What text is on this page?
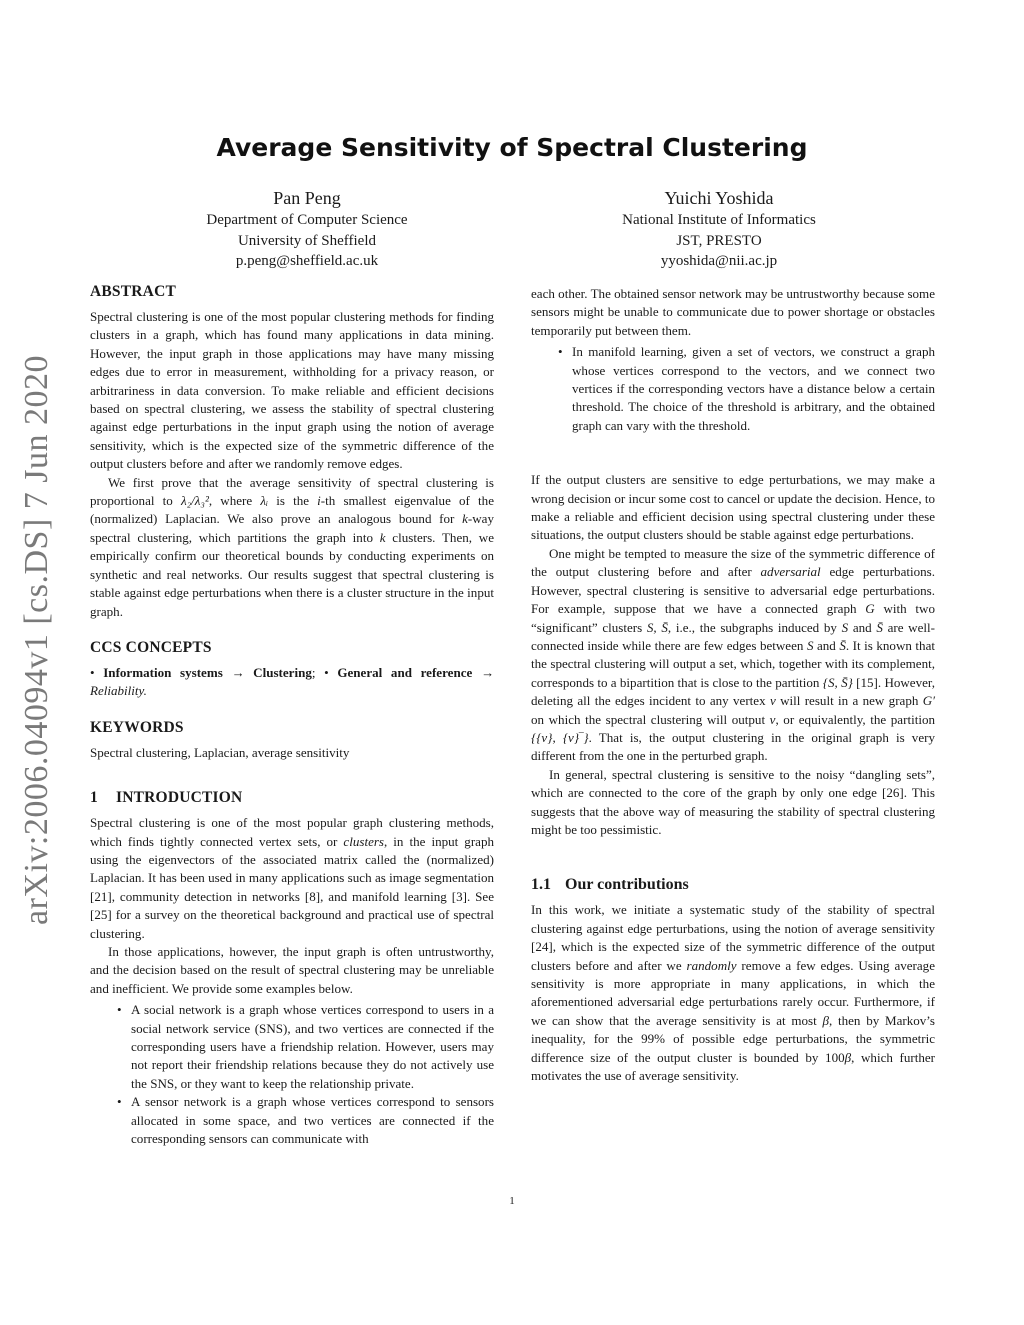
arXiv:2006.04094v1 [cs.DS] 7 Jun 2020
Average Sensitivity of Spectral Clustering
Pan Peng
Department of Computer Science
University of Sheffield
p.peng@sheffield.ac.uk
Yuichi Yoshida
National Institute of Informatics
JST, PRESTO
yyoshida@nii.ac.jp
ABSTRACT

Spectral clustering is one of the most popular clustering methods for finding clusters in a graph, which has found many applications in data mining. However, the input graph in those applications may have many missing edges due to error in measurement, withholding for a privacy reason, or arbitrariness in data conversion. To make reliable and efficient decisions based on spectral clustering, we assess the stability of spectral clustering against edge perturbations in the input graph using the notion of average sensitivity, which is the expected size of the symmetric difference of the output clusters before and after we randomly remove edges.

We first prove that the average sensitivity of spectral clustering is proportional to λ₂/λ₃², where λᵢ is the i-th smallest eigenvalue of the (normalized) Laplacian. We also prove an analogous bound for k-way spectral clustering, which partitions the graph into k clusters. Then, we empirically confirm our theoretical bounds by conducting experiments on synthetic and real networks. Our results suggest that spectral clustering is stable against edge perturbations when there is a cluster structure in the input graph.

CCS CONCEPTS

• Information systems → Clustering; • General and reference → Reliability.

KEYWORDS

Spectral clustering, Laplacian, average sensitivity

1 INTRODUCTION

Spectral clustering is one of the most popular graph clustering methods, which finds tightly connected vertex sets, or clusters, in the input graph using the eigenvectors of the associated matrix called the (normalized) Laplacian. It has been used in many applications such as image segmentation [21], community detection in networks [8], and manifold learning [3]. See [25] for a survey on the theoretical background and practical use of spectral clustering.

In those applications, however, the input graph is often untrustworthy, and the decision based on the result of spectral clustering may be unreliable and inefficient. We provide some examples below.

• A social network is a graph whose vertices correspond to users in a social network service (SNS), and two vertices are connected if the corresponding users have a friendship relation. However, users may not report their friendship relations because they do not actively use the SNS, or they want to keep the relationship private.
• A sensor network is a graph whose vertices correspond to sensors allocated in some space, and two vertices are connected if the corresponding sensors can communicate with

each other. The obtained sensor network may be untrustworthy because some sensors might be unable to communicate due to power shortage or obstacles temporarily put between them.

• In manifold learning, given a set of vectors, we construct a graph whose vertices correspond to the vectors, and we connect two vertices if the corresponding vectors have a distance below a certain threshold. The choice of the threshold is arbitrary, and the obtained graph can vary with the threshold.

If the output clusters are sensitive to edge perturbations, we may make a wrong decision or incur some cost to cancel or update the decision. Hence, to make a reliable and efficient decision using spectral clustering under these situations, the output clusters should be stable against edge perturbations.

One might be tempted to measure the size of the symmetric difference of the output clustering before and after adversarial edge perturbations. However, spectral clustering is sensitive to adversarial edge perturbations. For example, suppose that we have a connected graph G with two “significant” clusters S, S̄, i.e., the subgraphs induced by S and S̄ are well-connected inside while there are few edges between S and S̄. It is known that the spectral clustering will output a set, which, together with its complement, corresponds to a bipartition that is close to the partition {S, S̄} [15]. However, deleting all the edges incident to any vertex v will result in a new graph G′ on which the spectral clustering will output v, or equivalently, the partition {{v}, {v}‾}. That is, the output clustering in the original graph is very different from the one in the perturbed graph.

In general, spectral clustering is sensitive to the noisy “dangling sets”, which are connected to the core of the graph by only one edge [26]. This suggests that the above way of measuring the stability of spectral clustering might be too pessimistic.

1.1 Our contributions

In this work, we initiate a systematic study of the stability of spectral clustering against edge perturbations, using the notion of average sensitivity [24], which is the expected size of the symmetric difference of the output clusters before and after we randomly remove a few edges. Using average sensitivity is more appropriate in many applications, in which the aforementioned adversarial edge perturbations rarely occur. Furthermore, if we can show that the average sensitivity is at most β, then by Markov’s inequality, for the 99% of possible edge perturbations, the symmetric difference size of the output cluster is bounded by 100β, which further motivates the use of average sensitivity.

1
